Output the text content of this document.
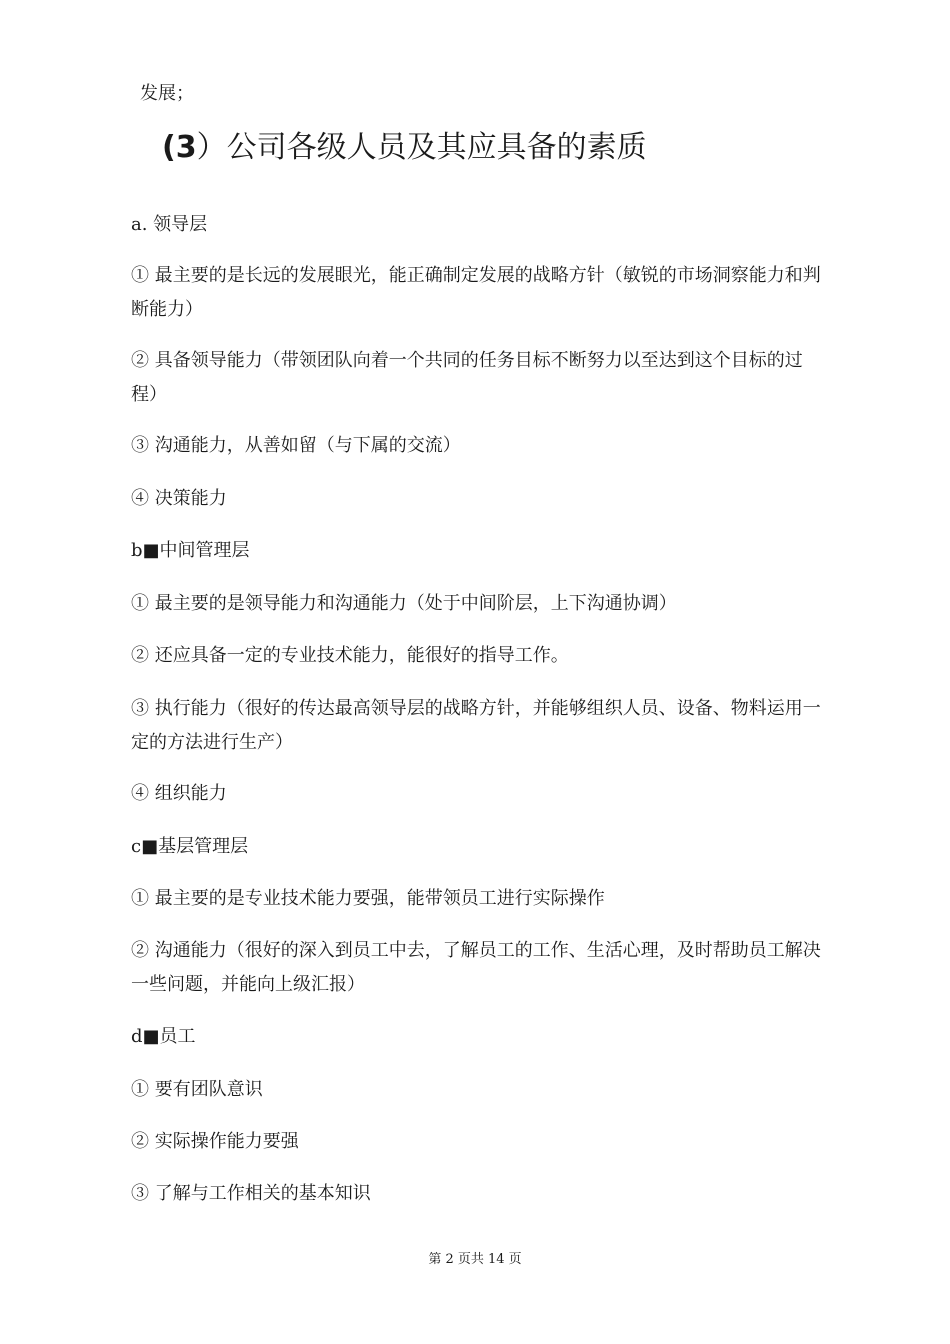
发展；
(3）公司各级人员及其应具备的素质
a. 领导层
① 最主要的是长远的发展眼光，能正确制定发展的战略方针（敏锐的市场洞察能力和判断能力）
② 具备领导能力（带领团队向着一个共同的任务目标不断努力以至达到这个目标的过程）
③ 沟通能力，从善如留（与下属的交流）
④ 决策能力
b■中间管理层
① 最主要的是领导能力和沟通能力（处于中间阶层，上下沟通协调）
② 还应具备一定的专业技术能力，能很好的指导工作。
③ 执行能力（很好的传达最高领导层的战略方针，并能够组织人员、设备、物料运用一定的方法进行生产）
④ 组织能力
c■基层管理层
① 最主要的是专业技术能力要强，能带领员工进行实际操作
② 沟通能力（很好的深入到员工中去，了解员工的工作、生活心理，及时帮助员工解决一些问题，并能向上级汇报）
d■员工
① 要有团队意识
② 实际操作能力要强
③ 了解与工作相关的基本知识
第 2 页共 14 页
